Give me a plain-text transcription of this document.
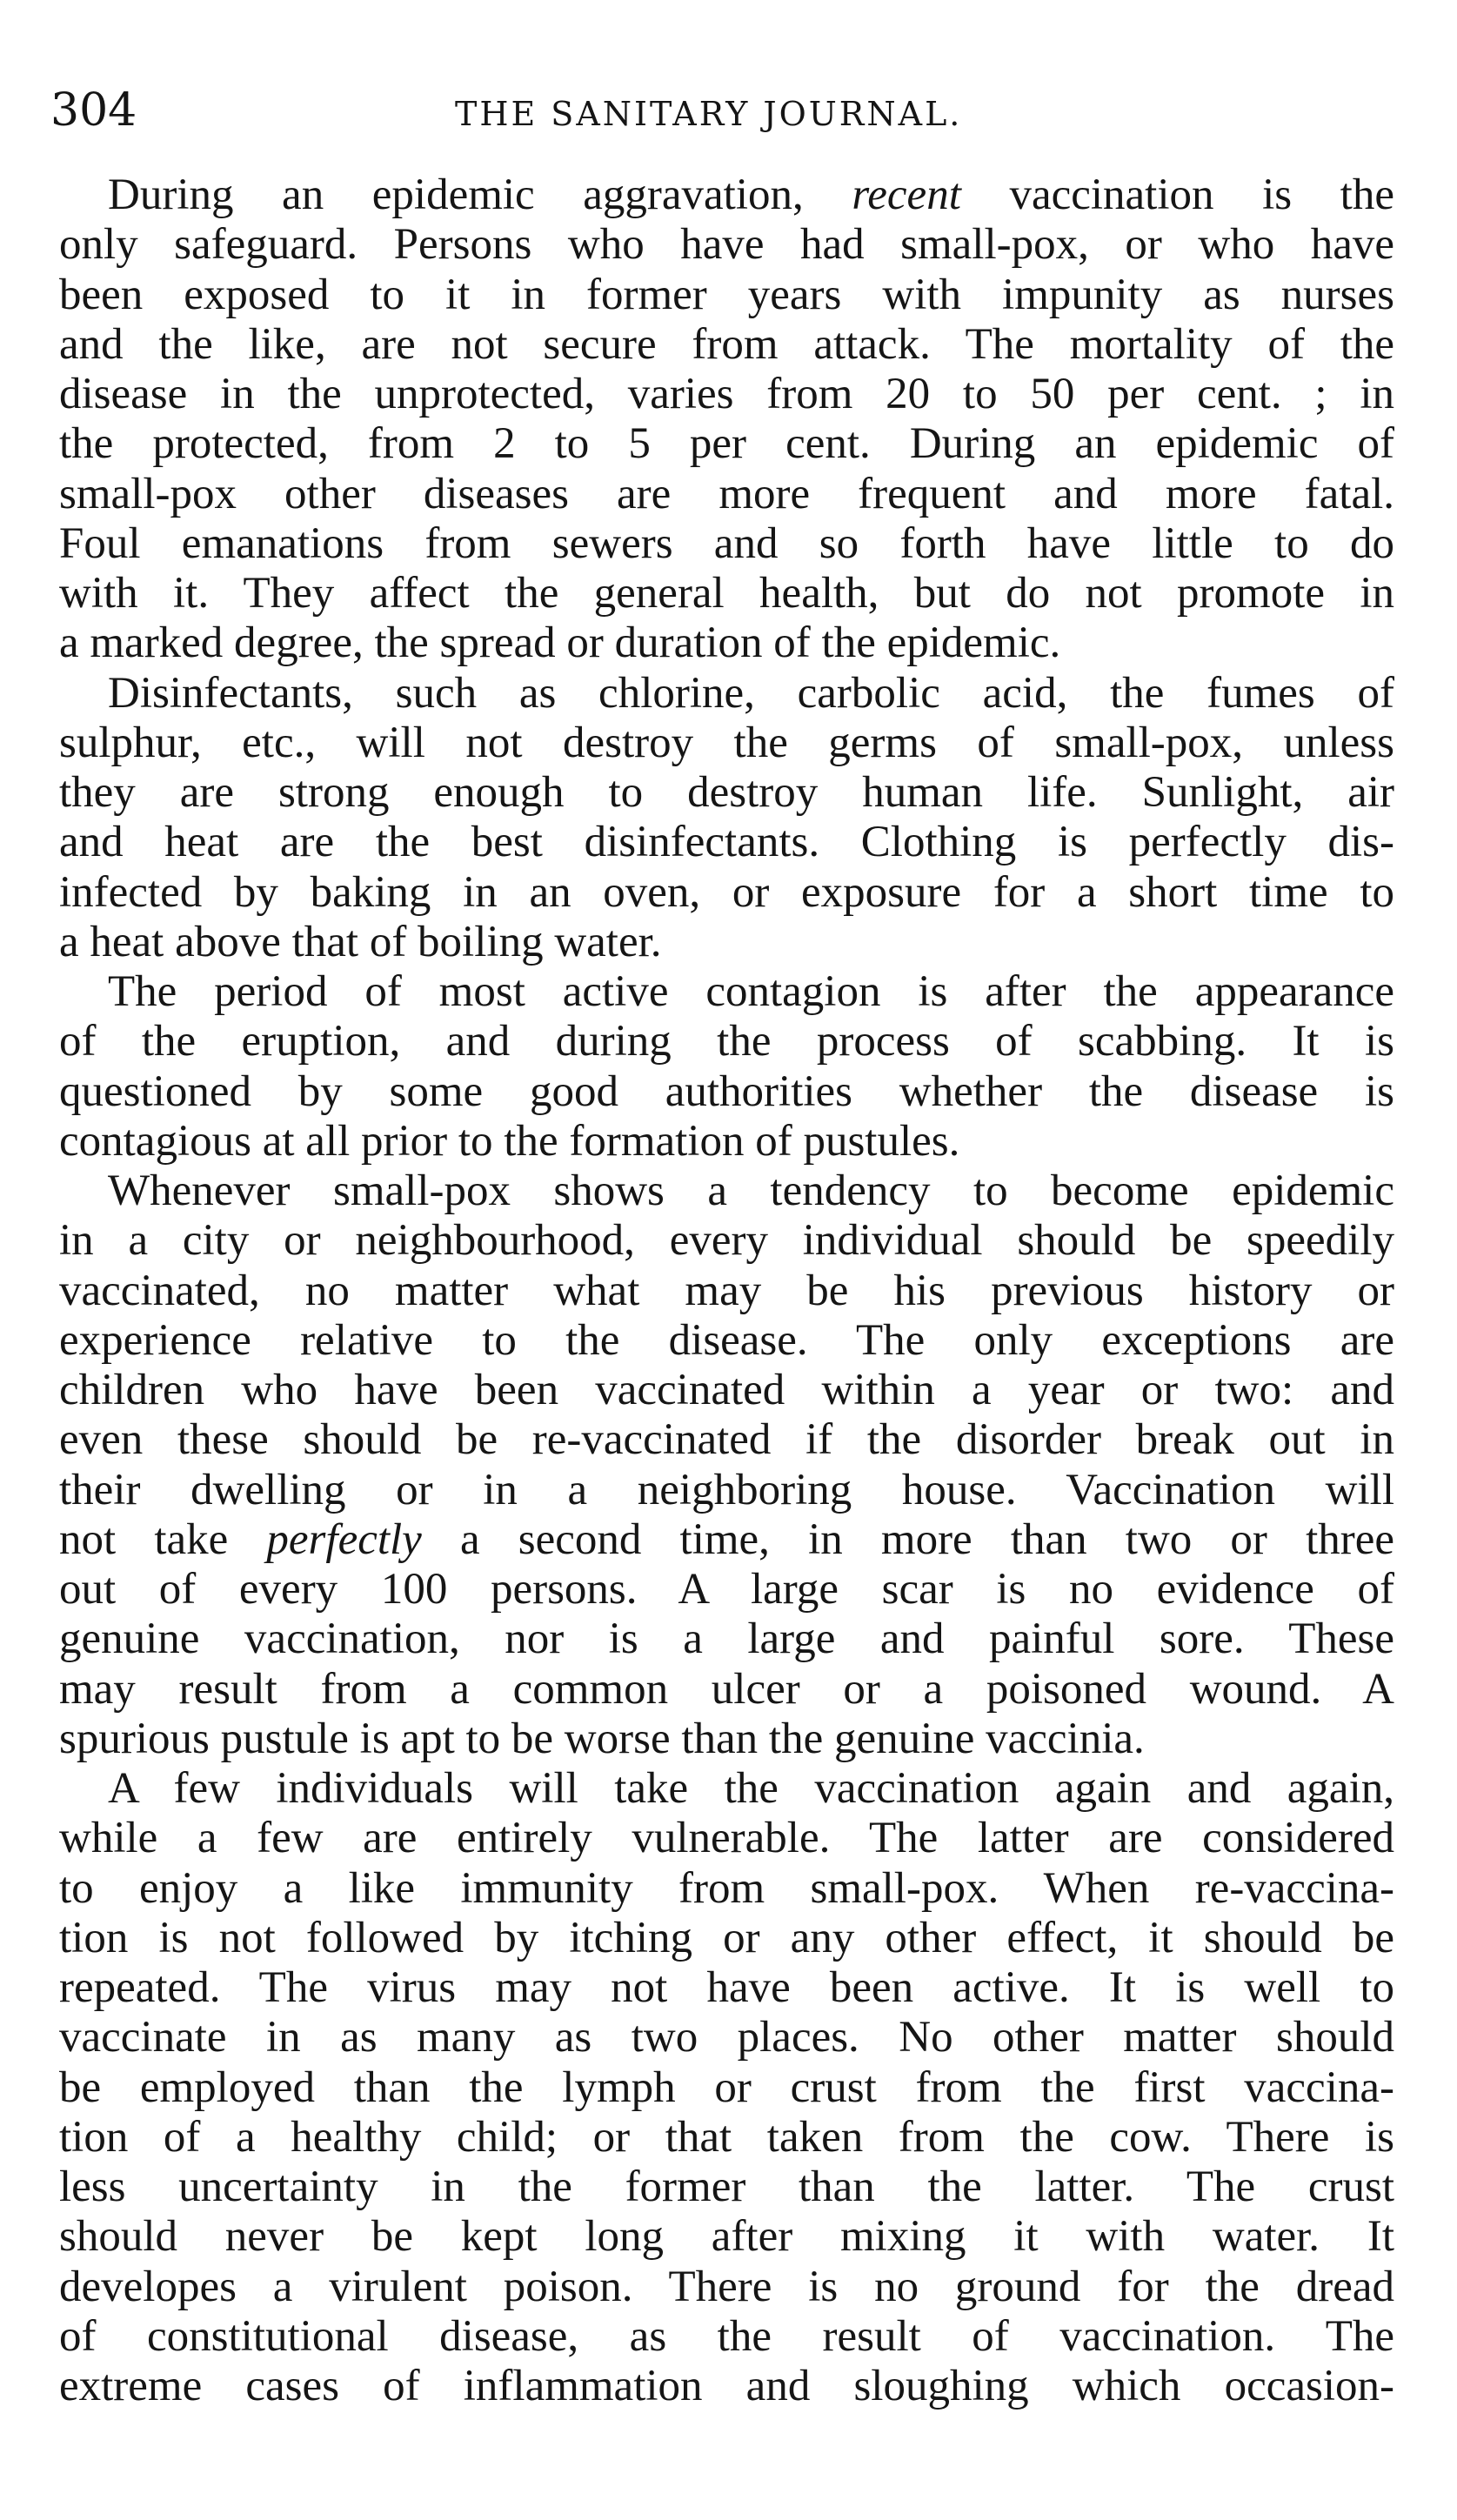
304	THE SANITARY JOURNAL.
During an epidemic aggravation, recent vaccination is the
only safeguard. Persons who have had small-pox, or who have
been exposed to it in former years with impunity as nurses
and the like, are not secure from attack. The mortality of the
disease in the unprotected, varies from 20 to 50 per cent. ; in
the protected, from 2 to 5 per cent. During an epidemic of
small-pox other diseases are more frequent and more fatal.
Foul emanations from sewers and so forth have little to do
with it. They affect the general health, but do not promote in
a marked degree, the spread or duration of the epidemic.
Disinfectants, such as chlorine, carbolic acid, the fumes of
sulphur, etc., will not destroy the germs of small-pox, unless
they are strong enough to destroy human life. Sunlight, air
and heat are the best disinfectants. Clothing is perfectly dis-
infected by baking in an oven, or exposure for a short time to
a heat above that of boiling water.
The period of most active contagion is after the appearance
of the eruption, and during the process of scabbing. It is
questioned by some good authorities whether the disease is
contagious at all prior to the formation of pustules.
Whenever small-pox shows a tendency to become epidemic
in a city or neighbourhood, every individual should be speedily
vaccinated, no matter what may be his previous history or
experience relative to the disease. The only exceptions are
children who have been vaccinated within a year or two: and
even these should be re-vaccinated if the disorder break out in
their dwelling or in a neighboring house. Vaccination will
not take perfectly a second time, in more than two or three
out of every 100 persons. A large scar is no evidence of
genuine vaccination, nor is a large and painful sore. These
may result from a common ulcer or a poisoned wound. A
spurious pustule is apt to be worse than the genuine vaccinia.
A few individuals will take the vaccination again and again,
while a few are entirely vulnerable. The latter are considered
to enjoy a like immunity from small-pox. When re-vaccina-
tion is not followed by itching or any other effect, it should be
repeated. The virus may not have been active. It is well to
vaccinate in as many as two places. No other matter should
be employed than the lymph or crust from the first vaccina-
tion of a healthy child; or that taken from the cow. There is
less uncertainty in the former than the latter. The crust
should never be kept long after mixing it with water. It
developes a virulent poison. There is no ground for the dread
of constitutional disease, as the result of vaccination. The
extreme cases of inflammation and sloughing which occasion-
